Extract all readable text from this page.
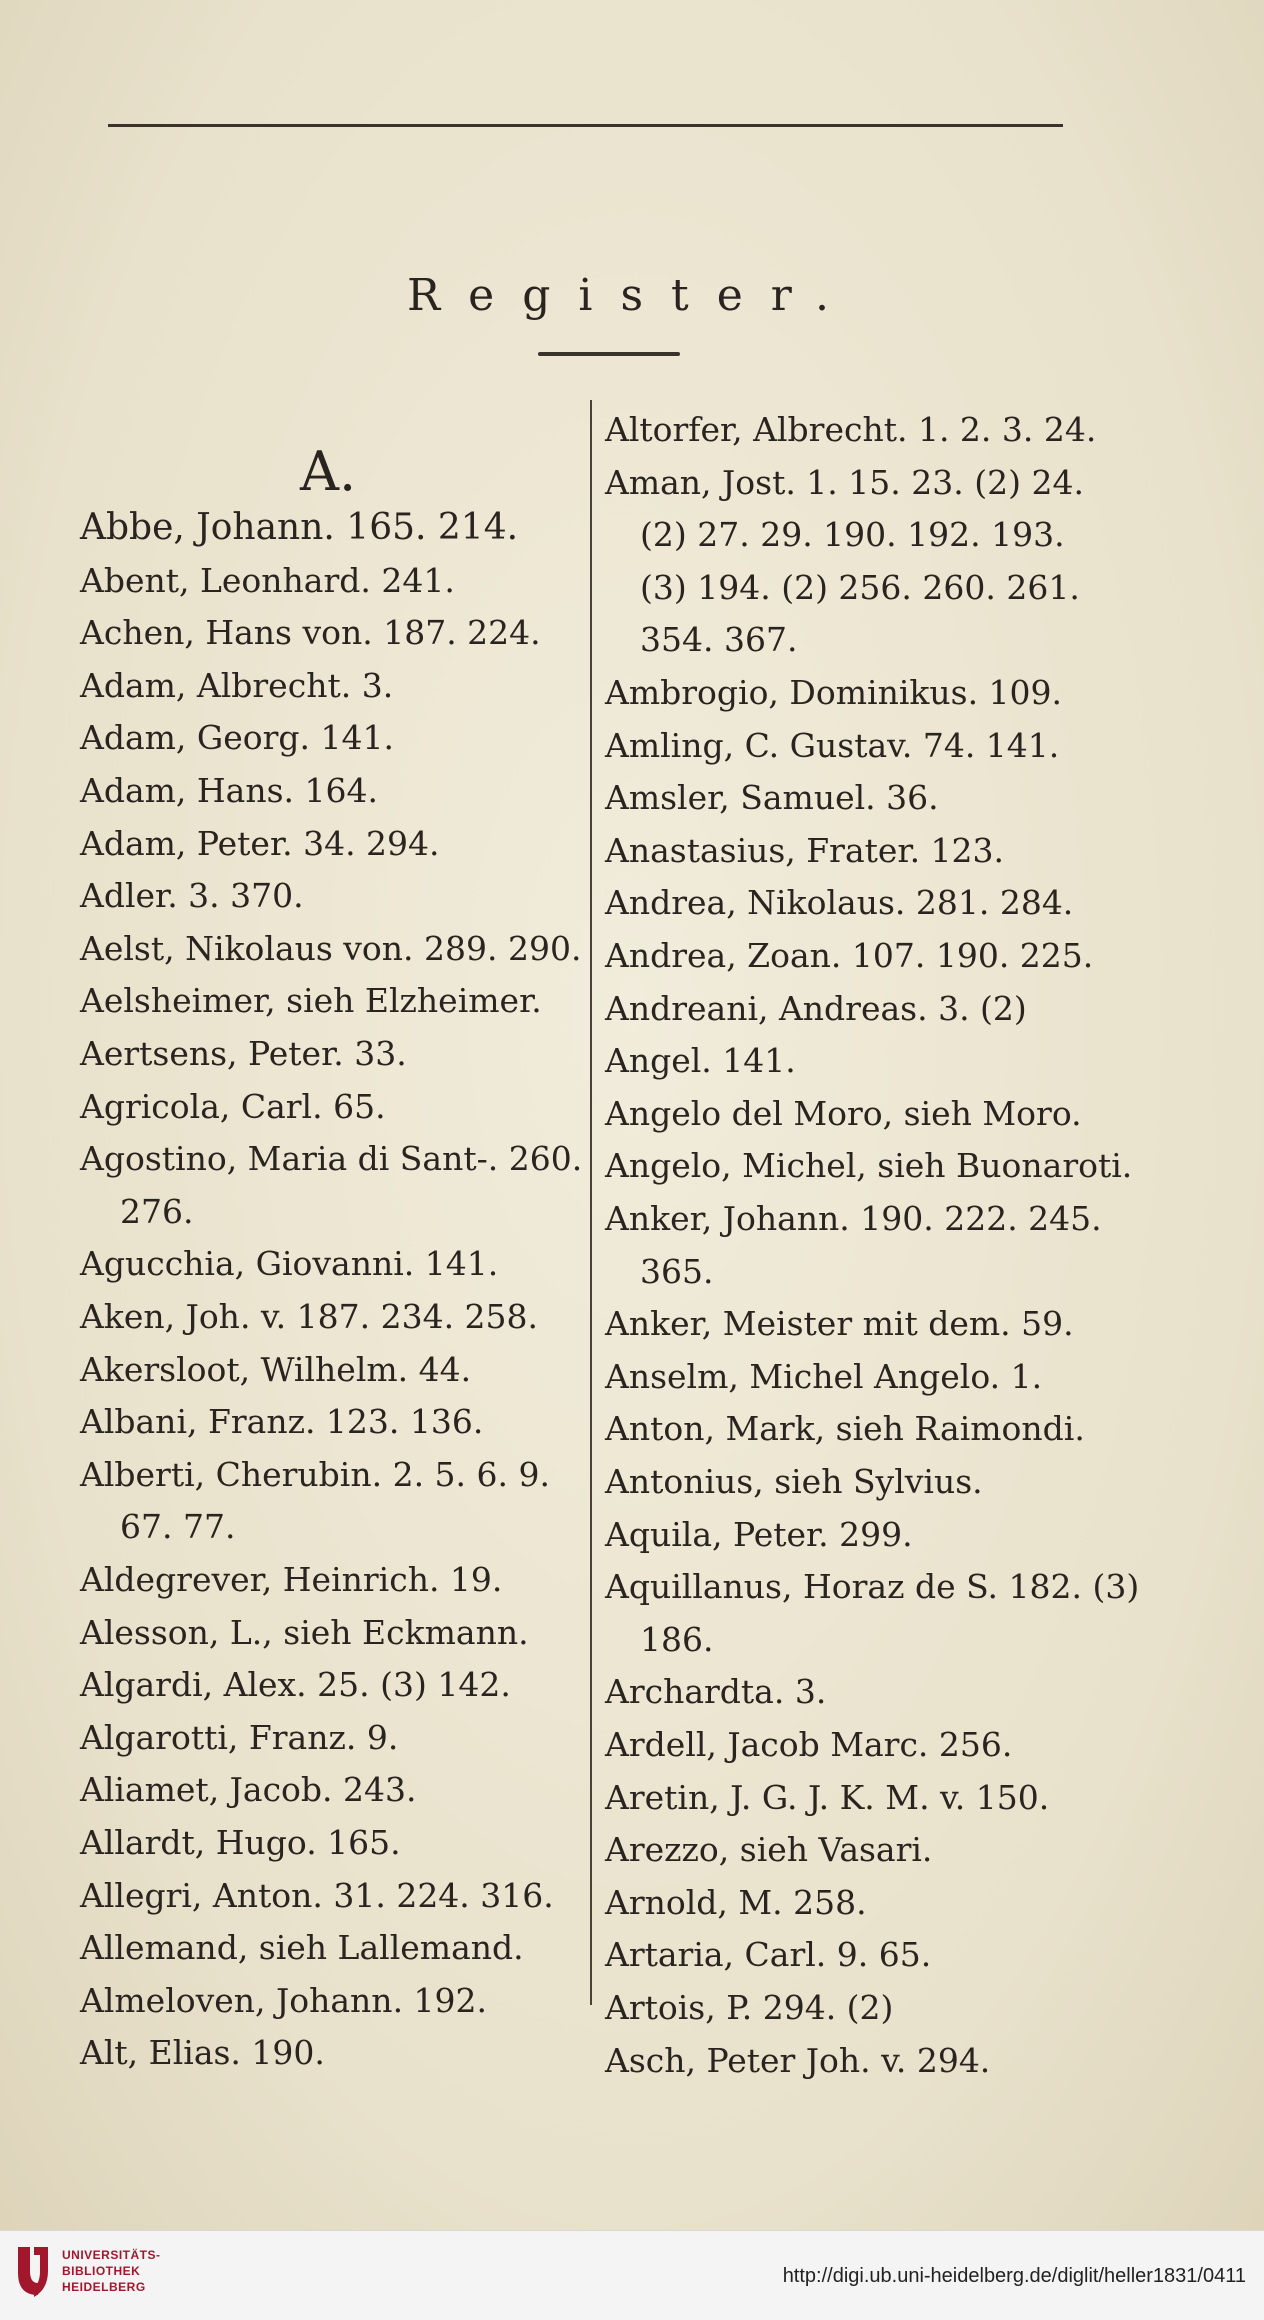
Register.
A.
Abbe, Johann. 165. 214.
Abent, Leonhard. 241.
Achen, Hans von. 187. 224.
Adam, Albrecht. 3.
Adam, Georg. 141.
Adam, Hans. 164.
Adam, Peter. 34. 294.
Adler. 3. 370.
Aelst, Nikolaus von. 289. 290.
Aelsheimer, sieh Elzheimer.
Aertsens, Peter. 33.
Agricola, Carl. 65.
Agostino, Maria di Sant-. 260.
276.
Agucchia, Giovanni. 141.
Aken, Joh. v. 187. 234. 258.
Akersloot, Wilhelm. 44.
Albani, Franz. 123. 136.
Alberti, Cherubin. 2. 5. 6. 9.
67. 77.
Aldegrever, Heinrich. 19.
Alesson, L., sieh Eckmann.
Algardi, Alex. 25. (3) 142.
Algarotti, Franz. 9.
Aliamet, Jacob. 243.
Allardt, Hugo. 165.
Allegri, Anton. 31. 224. 316.
Allemand, sieh Lallemand.
Almeloven, Johann. 192.
Alt, Elias. 190.
Altorfer, Albrecht. 1. 2. 3. 24.
Aman, Jost. 1. 15. 23. (2) 24.
(2) 27. 29. 190. 192. 193.
(3) 194. (2) 256. 260. 261.
354. 367.
Ambrogio, Dominikus. 109.
Amling, C. Gustav. 74. 141.
Amsler, Samuel. 36.
Anastasius, Frater. 123.
Andrea, Nikolaus. 281. 284.
Andrea, Zoan. 107. 190. 225.
Andreani, Andreas. 3. (2)
Angel. 141.
Angelo del Moro, sieh Moro.
Angelo, Michel, sieh Buonaroti.
Anker, Johann. 190. 222. 245.
365.
Anker, Meister mit dem. 59.
Anselm, Michel Angelo. 1.
Anton, Mark, sieh Raimondi.
Antonius, sieh Sylvius.
Aquila, Peter. 299.
Aquillanus, Horaz de S. 182. (3)
186.
Archardta. 3.
Ardell, Jacob Marc. 256.
Aretin, J. G. J. K. M. v. 150.
Arezzo, sieh Vasari.
Arnold, M. 258.
Artaria, Carl. 9. 65.
Artois, P. 294. (2)
Asch, Peter Joh. v. 294.
UNIVERSITÄTS-
BIBLIOTHEK
HEIDELBERG	http://digi.ub.uni-heidelberg.de/diglit/heller1831/0411
